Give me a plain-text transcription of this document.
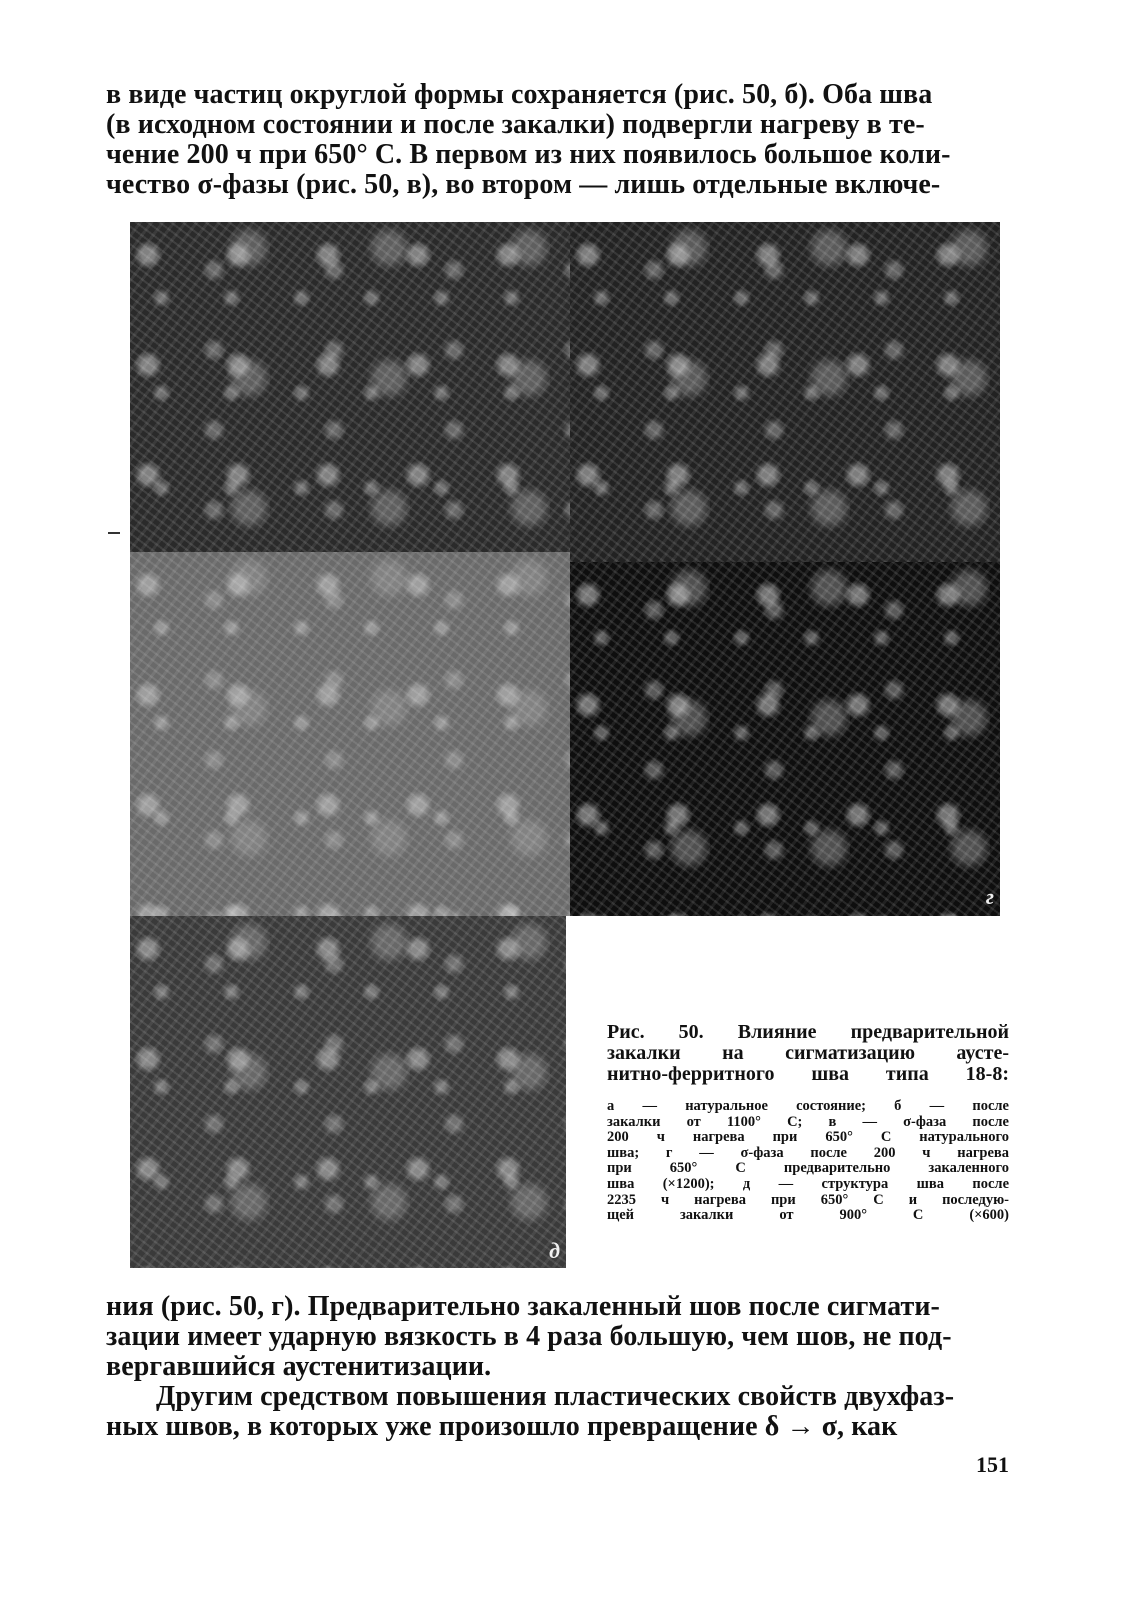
в виде частиц округлой формы сохраняется (рис. 50, б). Оба шва
(в исходном состоянии и после закалки) подвергли нагреву в те-
чение 200 ч при 650° С. В первом из них появилось большое коли-
чество σ-фазы (рис. 50, в), во втором — лишь отдельные включе-
г
д
Рис. 50. Влияние предварительной
закалки на сигматизацию аусте-
нитно-ферритного шва типа 18-8:
а — натуральное состояние; б — после
закалки от 1100° С; в — σ-фаза после
200 ч нагрева при 650° С натурального
шва; г — σ-фаза после 200 ч нагрева
при 650° С предварительно закаленного
шва (×1200); д — структура шва после
2235 ч нагрева при 650° С и последую-
щей закалки от 900° С (×600)
ния (рис. 50, г). Предварительно закаленный шов после сигмати-
зации имеет ударную вязкость в 4 раза большую, чем шов, не под-
вергавшийся аустенитизации.
Другим средством повышения пластических свойств двухфаз-
ных швов, в которых уже произошло превращение δ → σ, как
151
